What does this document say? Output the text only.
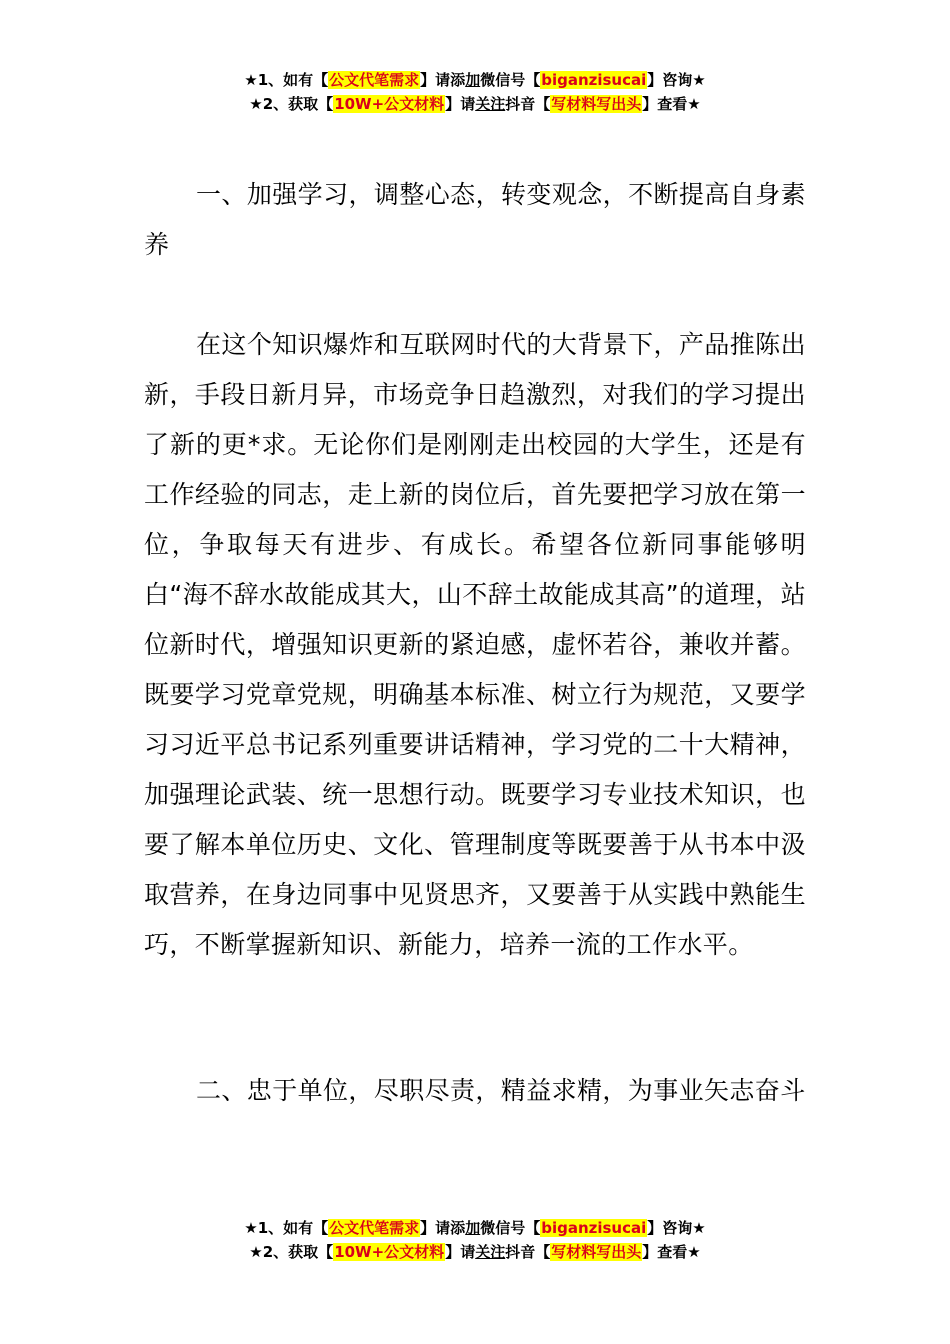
★1、如有【公文代笔需求】请添加微信号【biganzisucai】咨询★
★2、获取【10W+公文材料】请关注抖音【写材料写出头】查看★

一、加强学习，调整心态，转变观念，不断提高自身素养

在这个知识爆炸和互联网时代的大背景下，产品推陈出新，手段日新月异，市场竞争日趋激烈，对我们的学习提出了新的更*求。无论你们是刚刚走出校园的大学生，还是有工作经验的同志，走上新的岗位后，首先要把学习放在第一位，争取每天有进步、有成长。希望各位新同事能够明白“海不辞水故能成其大，山不辞土故能成其高”的道理，站位新时代，增强知识更新的紧迫感，虚怀若谷，兼收并蓄。既要学习党章党规，明确基本标准、树立行为规范，又要学习习近平总书记系列重要讲话精神，学习党的二十大精神，加强理论武装、统一思想行动。既要学习专业技术知识，也要了解本单位历史、文化、管理制度等既要善于从书本中汲取营养，在身边同事中见贤思齐，又要善于从实践中熟能生巧，不断掌握新知识、新能力，培养一流的工作水平。

二、忠于单位，尽职尽责，精益求精，为事业矢志奋斗

★1、如有【公文代笔需求】请添加微信号【biganzisucai】咨询★
★2、获取【10W+公文材料】请关注抖音【写材料写出头】查看★
